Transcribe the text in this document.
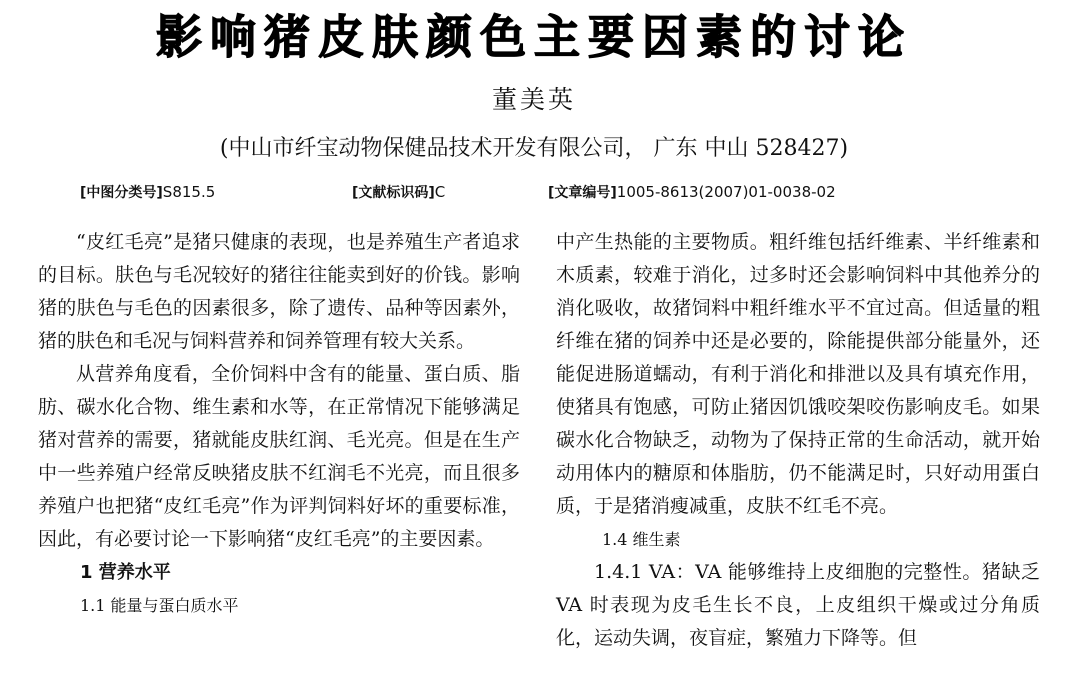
影响猪皮肤颜色主要因素的讨论
董美英
(中山市纤宝动物保健品技术开发有限公司， 广东 中山 528427)
[中图分类号]S815.5	[文献标识码]C	[文章编号]1005-8613(2007)01-0038-02

“皮红毛亮”是猪只健康的表现，也是养殖生产者追求的目标。肤色与毛况较好的猪往往能卖到好的价钱。影响猪的肤色与毛色的因素很多，除了遗传、品种等因素外，猪的肤色和毛况与饲料营养和饲养管理有较大关系。

从营养角度看，全价饲料中含有的能量、蛋白质、脂肪、碳水化合物、维生素和水等，在正常情况下能够满足猪对营养的需要，猪就能皮肤红润、毛光亮。但是在生产中一些养殖户经常反映猪皮肤不红润毛不光亮，而且很多养殖户也把猪“皮红毛亮”作为评判饲料好坏的重要标准，因此，有必要讨论一下影响猪“皮红毛亮”的主要因素。

1 营养水平
1.1 能量与蛋白质水平

中产生热能的主要物质。粗纤维包括纤维素、半纤维素和木质素，较难于消化，过多时还会影响饲料中其他养分的消化吸收，故猪饲料中粗纤维水平不宜过高。但适量的粗纤维在猪的饲养中还是必要的，除能提供部分能量外，还能促进肠道蠕动，有利于消化和排泄以及具有填充作用，使猪具有饱感，可防止猪因饥饿咬架咬伤影响皮毛。如果碳水化合物缺乏，动物为了保持正常的生命活动，就开始动用体内的糖原和体脂肪，仍不能满足时，只好动用蛋白质，于是猪消瘦减重，皮肤不红毛不亮。

1.4 维生素

1.4.1 VA：VA 能够维持上皮细胞的完整性。猪缺乏 VA 时表现为皮毛生长不良，上皮组织干燥或过分角质化，运动失调，夜盲症，繁殖力下降等。但
